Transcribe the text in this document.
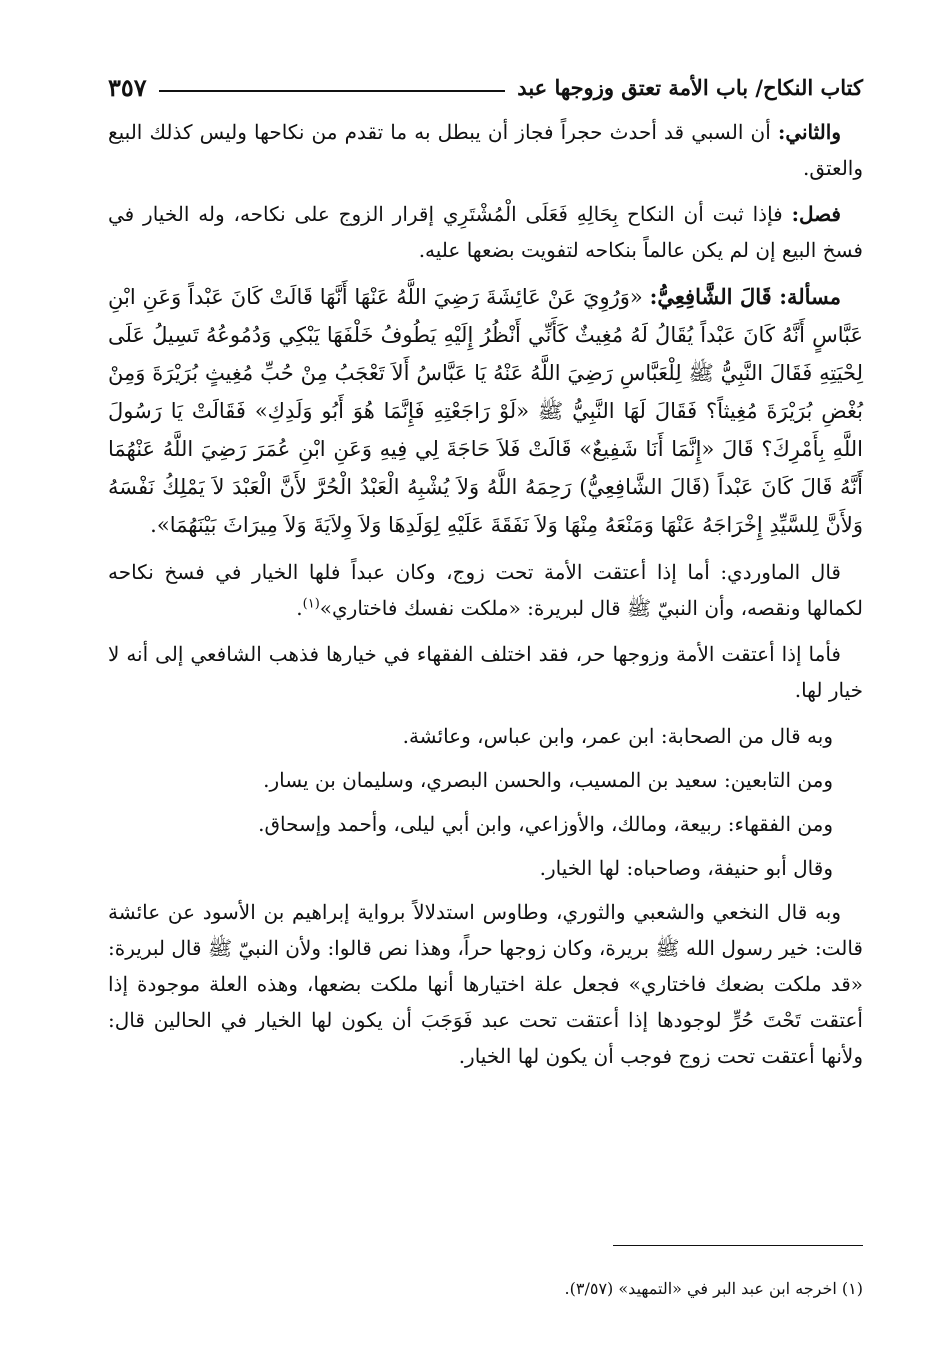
كتاب النكاح/ باب الأمة تعتق وزوجها عبد
٣٥٧

والثاني: أن السبي قد أحدث حجراً فجاز أن يبطل به ما تقدم من نكاحها وليس كذلك البيع والعتق.

فصل: فإذا ثبت أن النكاح بِحَالِهِ فَعَلَى الْمُشْتَرِي إقرار الزوج على نكاحه، وله الخيار في فسخ البيع إن لم يكن عالماً بنكاحه لتفويت بضعها عليه.

مسألة: قَالَ الشَّافِعِيُّ: «وَرُوِيَ عَنْ عَائِشَةَ رَضِيَ اللَّهُ عَنْهَا أَنَّهَا قَالَتْ كَانَ عَبْداً وَعَنِ ابْنِ عَبَّاسٍ أَنَّهُ كَانَ عَبْداً يُقَالُ لَهُ مُغِيثٌ كَأَنِّي أَنْظُرُ إِلَيْهِ يَطُوفُ خَلْفَهَا يَبْكِي وَدُمُوعُهُ تَسِيلُ عَلَى لِحْيَتِهِ فَقَالَ النَّبِيُّ ﷺ لِلْعَبَّاسِ رَضِيَ اللَّهُ عَنْهُ يَا عَبَّاسُ أَلاَ تَعْجَبُ مِنْ حُبِّ مُغِيثٍ بُرَيْرَةَ وَمِنْ بُغْضِ بُرَيْرَةَ مُغِيثاً؟ فَقَالَ لَهَا النَّبِيُّ ﷺ «لَوْ رَاجَعْتِهِ فَإِنَّمَا هُوَ أَبُو وَلَدِكِ» فَقَالَتْ يَا رَسُولَ اللَّهِ بِأَمْرِكَ؟ قَالَ «إِنَّمَا أَنَا شَفِيعٌ» قَالَتْ فَلاَ حَاجَةَ لِي فِيهِ وَعَنِ ابْنِ عُمَرَ رَضِيَ اللَّهُ عَنْهُمَا أَنَّهُ قَالَ كَانَ عَبْداً (قَالَ الشَّافِعِيُّ) رَحِمَهُ اللَّهُ وَلاَ يُشْبِهُ الْعَبْدُ الْحُرَّ لأَنَّ الْعَبْدَ لاَ يَمْلِكُ نَفْسَهُ وَلأَنَّ لِلسَّيِّدِ إِخْرَاجَهُ عَنْهَا وَمَنْعَهُ مِنْهَا وَلاَ نَفَقَةَ عَلَيْهِ لِوَلَدِهَا وَلاَ وِلاَيَةَ وَلاَ مِيرَاثَ بَيْنَهُمَا».

قال الماوردي: أما إذا أعتقت الأمة تحت زوج، وكان عبداً فلها الخيار في فسخ نكاحه لكمالها ونقصه، وأن النبيّ ﷺ قال لبريرة: «ملكت نفسك فاختاري»$^{(١)}$.

فأما إذا أعتقت الأمة وزوجها حر، فقد اختلف الفقهاء في خيارها فذهب الشافعي إلى أنه لا خيار لها.

وبه قال من الصحابة: ابن عمر، وابن عباس، وعائشة.

ومن التابعين: سعيد بن المسيب، والحسن البصري، وسليمان بن يسار.

ومن الفقهاء: ربيعة، ومالك، والأوزاعي، وابن أبي ليلى، وأحمد وإسحاق.

وقال أبو حنيفة، وصاحباه: لها الخيار.

وبه قال النخعي والشعبي والثوري، وطاوس استدلالاً برواية إبراهيم بن الأسود عن عائشة قالت: خير رسول الله ﷺ بريرة، وكان زوجها حراً، وهذا نص قالوا: ولأن النبيّ ﷺ قال لبريرة: «قد ملكت بضعك فاختاري» فجعل علة اختيارها أنها ملكت بضعها، وهذه العلة موجودة إذا أعتقت تَحْتَ حُرٍّ لوجودها إذا أعتقت تحت عبد فَوَجَبَ أن يكون لها الخيار في الحالين قال: ولأنها أعتقت تحت زوج فوجب أن يكون لها الخيار.

(١) اخرجه ابن عبد البر في «التمهيد» (٣/٥٧).
